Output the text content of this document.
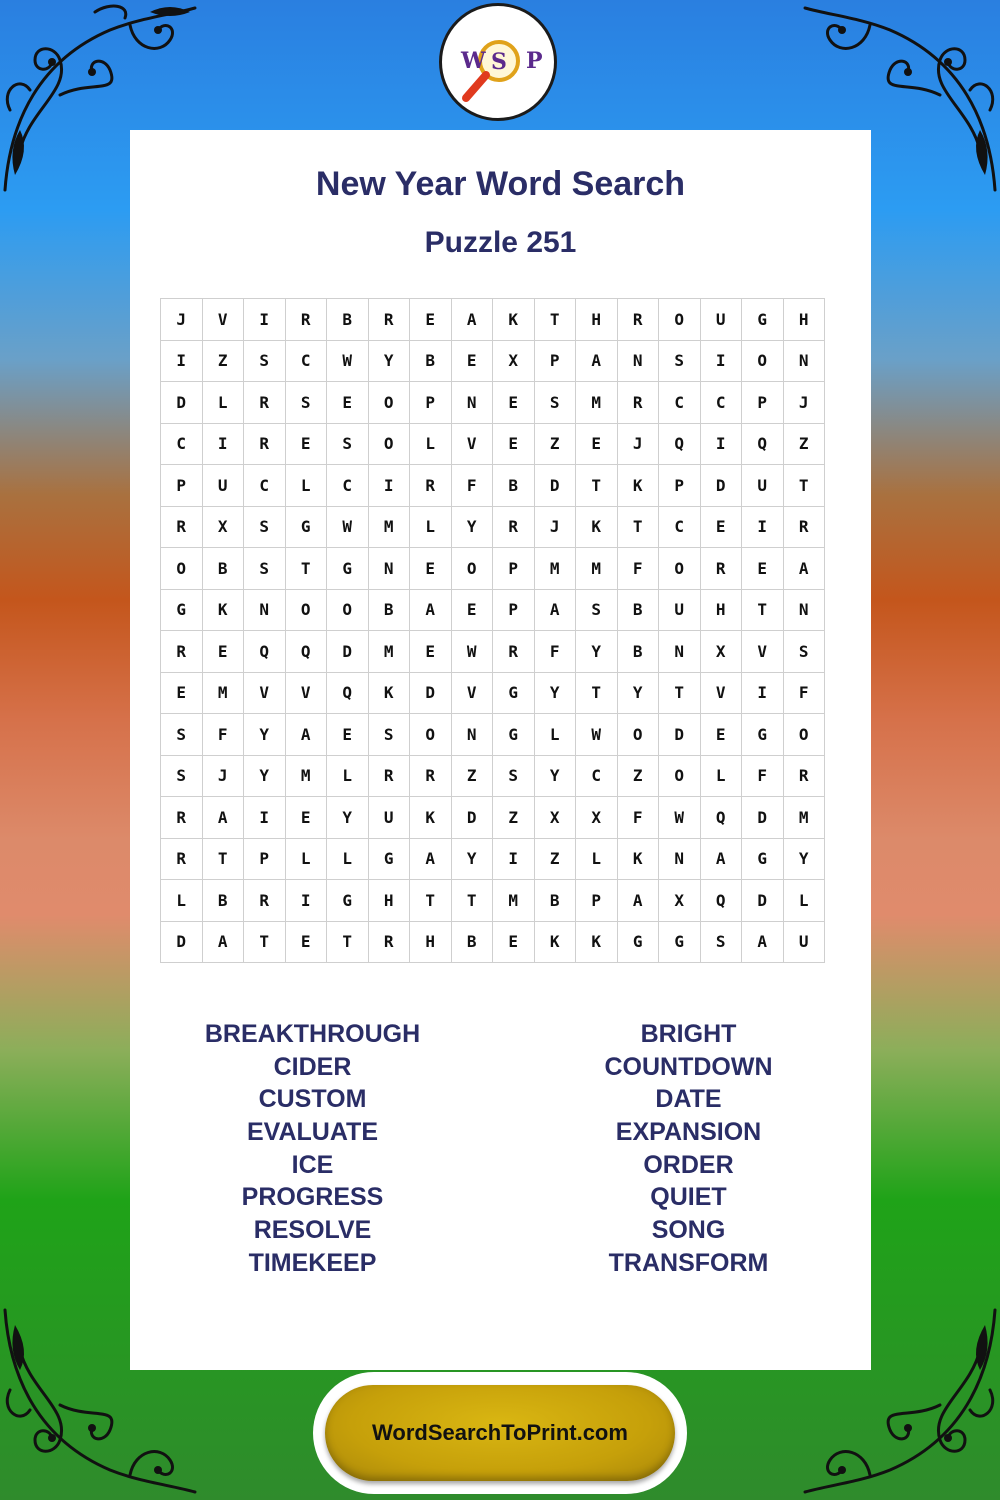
W S P
New Year Word Search
Puzzle 251
J	V	I	R	B	R	E	A	K	T	H	R	O	U	G	H
I	Z	S	C	W	Y	B	E	X	P	A	N	S	I	O	N
D	L	R	S	E	O	P	N	E	S	M	R	C	C	P	J
C	I	R	E	S	O	L	V	E	Z	E	J	Q	I	Q	Z
P	U	C	L	C	I	R	F	B	D	T	K	P	D	U	T
R	X	S	G	W	M	L	Y	R	J	K	T	C	E	I	R
O	B	S	T	G	N	E	O	P	M	M	F	O	R	E	A
G	K	N	O	O	B	A	E	P	A	S	B	U	H	T	N
R	E	Q	Q	D	M	E	W	R	F	Y	B	N	X	V	S
E	M	V	V	Q	K	D	V	G	Y	T	Y	T	V	I	F
S	F	Y	A	E	S	O	N	G	L	W	O	D	E	G	O
S	J	Y	M	L	R	R	Z	S	Y	C	Z	O	L	F	R
R	A	I	E	Y	U	K	D	Z	X	X	F	W	Q	D	M
R	T	P	L	L	G	A	Y	I	Z	L	K	N	A	G	Y
L	B	R	I	G	H	T	T	M	B	P	A	X	Q	D	L
D	A	T	E	T	R	H	B	E	K	K	G	G	S	A	U
BREAKTHROUGH
CIDER
CUSTOM
EVALUATE
ICE
PROGRESS
RESOLVE
TIMEKEEP
BRIGHT
COUNTDOWN
DATE
EXPANSION
ORDER
QUIET
SONG
TRANSFORM
WordSearchToPrint.com
